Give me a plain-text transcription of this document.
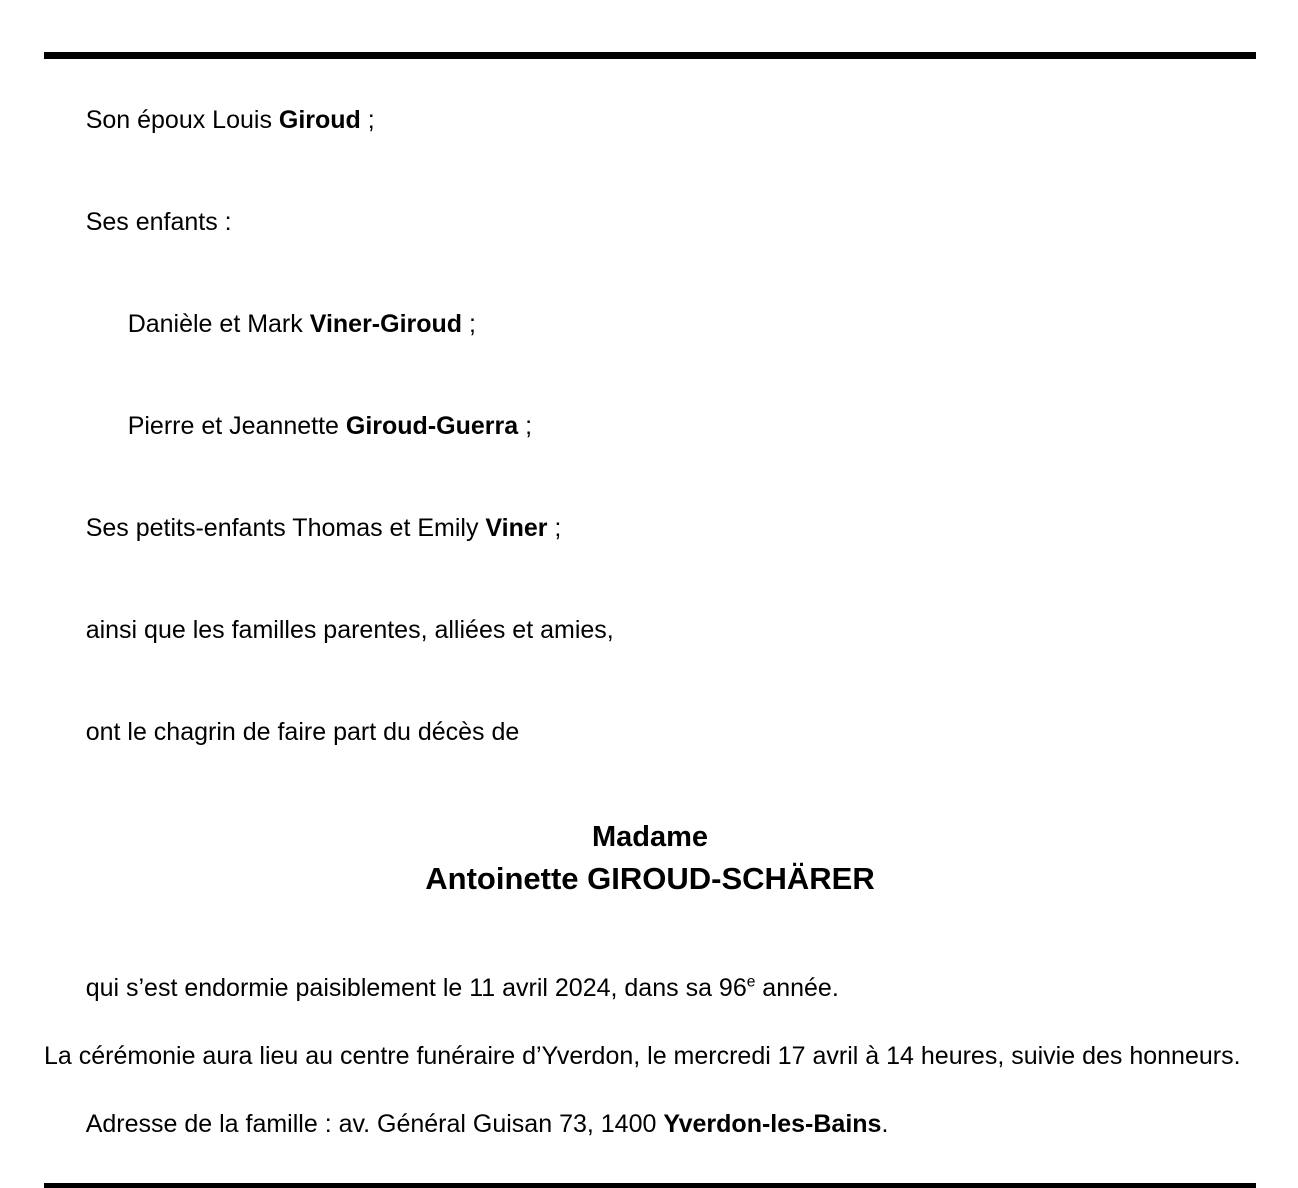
Son époux Louis Giroud ;

Ses enfants :

Danièle et Mark Viner-Giroud ;

Pierre et Jeannette Giroud-Guerra ;

Ses petits-enfants Thomas et Emily Viner ;

ainsi que les familles parentes, alliées et amies,

ont le chagrin de faire part du décès de

Madame
Antoinette GIROUD-SCHÄRER

qui s’est endormie paisiblement le 11 avril 2024, dans sa 96e année.

La cérémonie aura lieu au centre funéraire d’Yverdon, le mercredi 17 avril à 14 heures, suivie des honneurs.

Adresse de la famille : av. Général Guisan 73, 1400 Yverdon-les-Bains.
